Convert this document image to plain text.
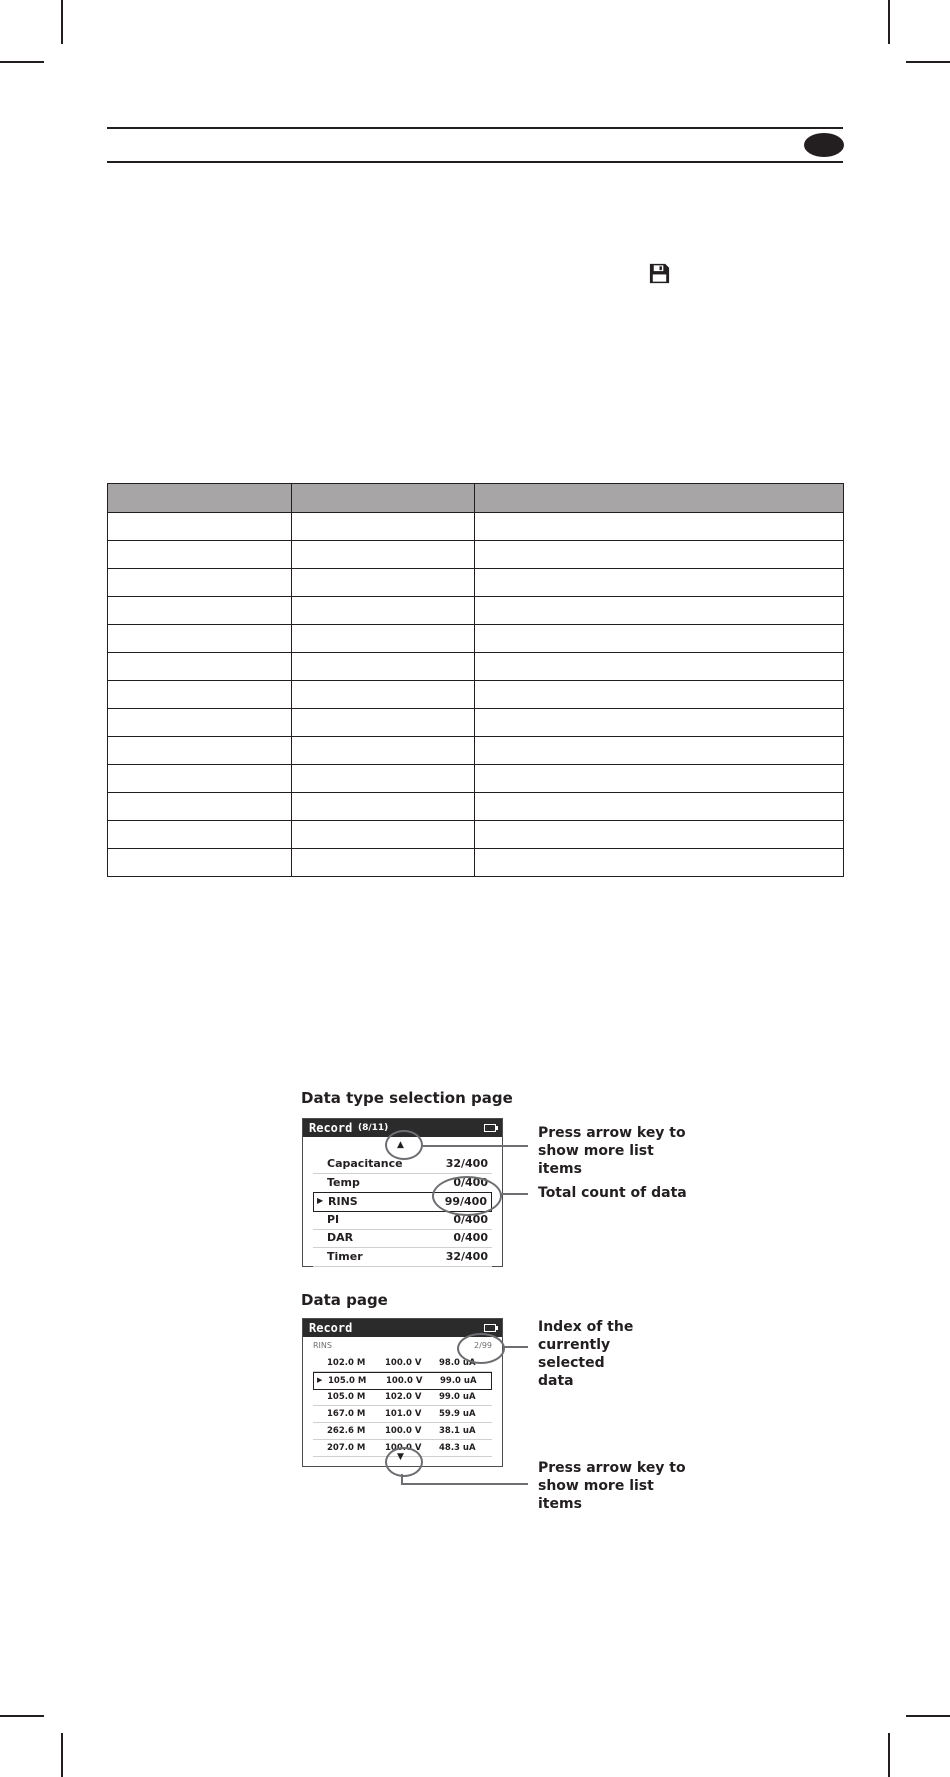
Data type selection page
Record (8/11)
▲
Capacitance	32/400
Temp	0/400
▶ RINS	99/400
PI	0/400
DAR	0/400
Timer	32/400
Press arrow key to show more list items
Total count of data
Data page
Record
RINS	2/99
102.0 M 100.0 V 98.0 uA
▶ 105.0 M 100.0 V 99.0 uA
105.0 M 102.0 V 99.0 uA
167.0 M 101.0 V 59.9 uA
262.6 M 100.0 V 38.1 uA
207.0 M 100.0 V 48.3 uA
▼
Index of the currently selected data
Press arrow key to show more list items
